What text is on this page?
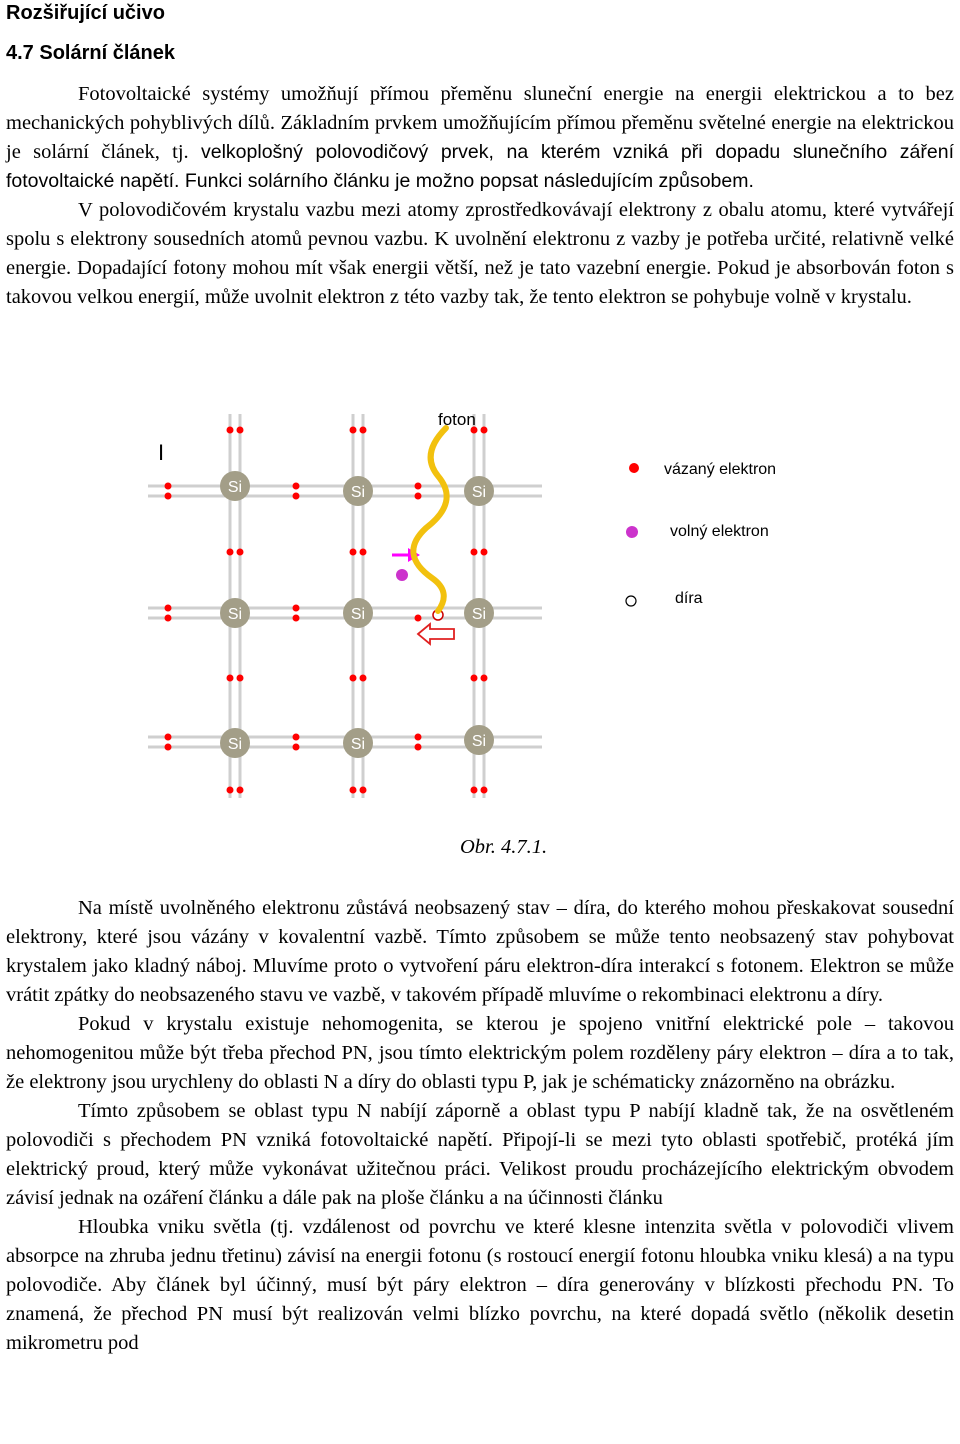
Rozšiřující učivo
4.7 Solární článek

Fotovoltaické systémy umožňují přímou přeměnu sluneční energie na energii elektrickou a to bez mechanických pohyblivých dílů. Základním prvkem umožňujícím přímou přeměnu světelné energie na elektrickou je solární článek, tj. velkoplošný polovodičový prvek, na kterém vzniká při dopadu slunečního záření fotovoltaické napětí. Funkci solárního článku je možno popsat následujícím způsobem.

V polovodičovém krystalu vazbu mezi atomy zprostředkovávají elektrony z obalu atomu, které vytvářejí spolu s elektrony sousedních atomů pevnou vazbu. K uvolnění elektronu z vazby je potřeba určité, relativně velké energie. Dopadající fotony mohou mít však energii větší, než je tato vazební energie. Pokud je absorbován foton s takovou velkou energií, může uvolnit elektron z této vazby tak, že tento elektron se pohybuje volně v krystalu.

I
Si	Si	Si
Si	Si	Si
Si	Si	Si
foton
vázaný elektron
volný elektron
díra
Obr. 4.7.1.

Na místě uvolněného elektronu zůstává neobsazený stav – díra, do kterého mohou přeskakovat sousední elektrony, které jsou vázány v kovalentní vazbě. Tímto způsobem se může tento neobsazený stav pohybovat krystalem jako kladný náboj. Mluvíme proto o vytvoření páru elektron-díra interakcí s fotonem. Elektron se může vrátit zpátky do neobsazeného stavu ve vazbě, v takovém případě mluvíme o rekombinaci elektronu a díry.

Pokud v krystalu existuje nehomogenita, se kterou je spojeno vnitřní elektrické pole – takovou nehomogenitou může být třeba přechod PN, jsou tímto elektrickým polem rozděleny páry elektron – díra a to tak, že elektrony jsou urychleny do oblasti N a díry do oblasti typu P, jak je schématicky znázorněno na obrázku.

Tímto způsobem se oblast typu N nabíjí záporně a oblast typu P nabíjí kladně tak, že na osvětleném polovodiči s přechodem PN vzniká fotovoltaické napětí. Připojí-li se mezi tyto oblasti spotřebič, protéká jím elektrický proud, který může vykonávat užitečnou práci. Velikost proudu procházejícího elektrickým obvodem závisí jednak na ozáření článku a dále pak na ploše článku a na účinnosti článku

Hloubka vniku světla (tj. vzdálenost od povrchu ve které klesne intenzita světla v polovodiči vlivem absorpce na zhruba jednu třetinu) závisí na energii fotonu (s rostoucí energií fotonu hloubka vniku klesá) a na typu polovodiče. Aby článek byl účinný, musí být páry elektron – díra generovány v blízkosti přechodu PN. To znamená, že přechod PN musí být realizován velmi blízko povrchu, na které dopadá světlo (několik desetin mikrometru pod
